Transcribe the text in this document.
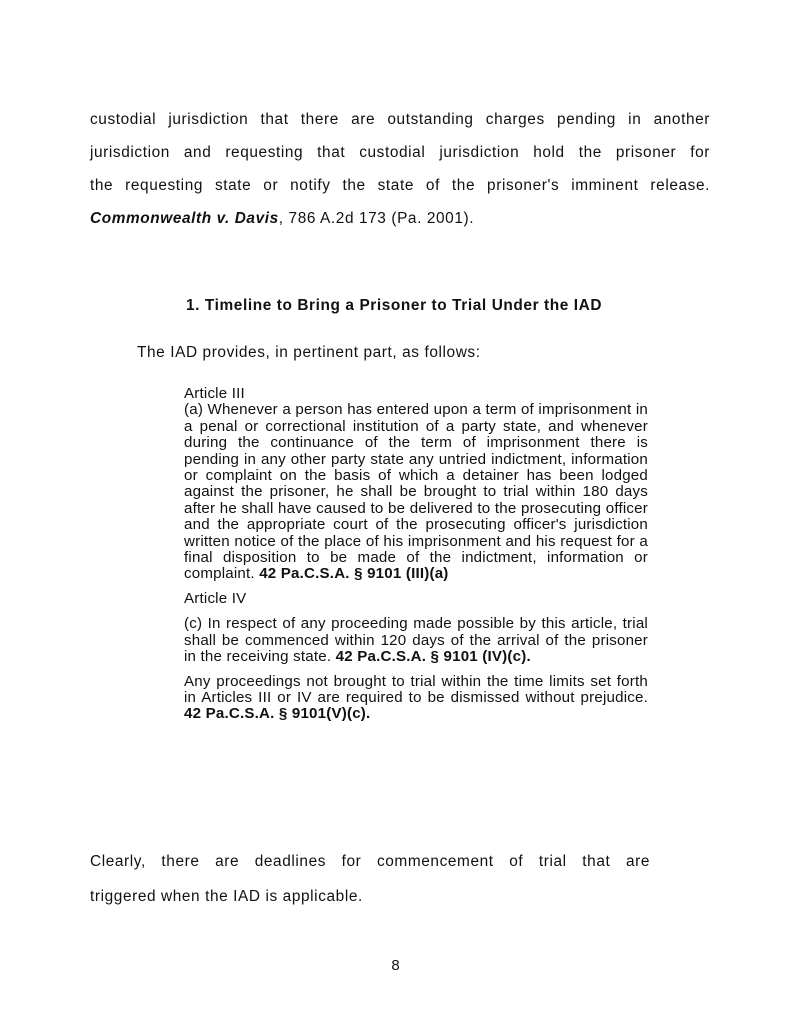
custodial jurisdiction that there are outstanding charges pending in another
jurisdiction and requesting that custodial jurisdiction hold the prisoner for
the requesting state or notify the state of the prisoner's imminent release.
Commonwealth v. Davis, 786 A.2d 173 (Pa. 2001).
1. Timeline to Bring a Prisoner to Trial Under the IAD
The IAD provides, in pertinent part, as follows:

Article III

(a) Whenever a person has entered upon a term of imprisonment in a penal or correctional institution of a party state, and whenever during the continuance of the term of imprisonment there is pending in any other party state any untried indictment, information or complaint on the basis of which a detainer has been lodged against the prisoner, he shall be brought to trial within 180 days after he shall have caused to be delivered to the prosecuting officer and the appropriate court of the prosecuting officer's jurisdiction written notice of the place of his imprisonment and his request for a final disposition to be made of the indictment, information or complaint. 42 Pa.C.S.A. § 9101 (III)(a)

Article IV

(c) In respect of any proceeding made possible by this article, trial shall be commenced within 120 days of the arrival of the prisoner in the receiving state. 42 Pa.C.S.A. § 9101 (IV)(c).

Any proceedings not brought to trial within the time limits set forth in Articles III or IV are required to be dismissed without prejudice. 42 Pa.C.S.A. § 9101(V)(c).

Clearly, there are deadlines for commencement of trial that are
triggered when the IAD is applicable.
8
